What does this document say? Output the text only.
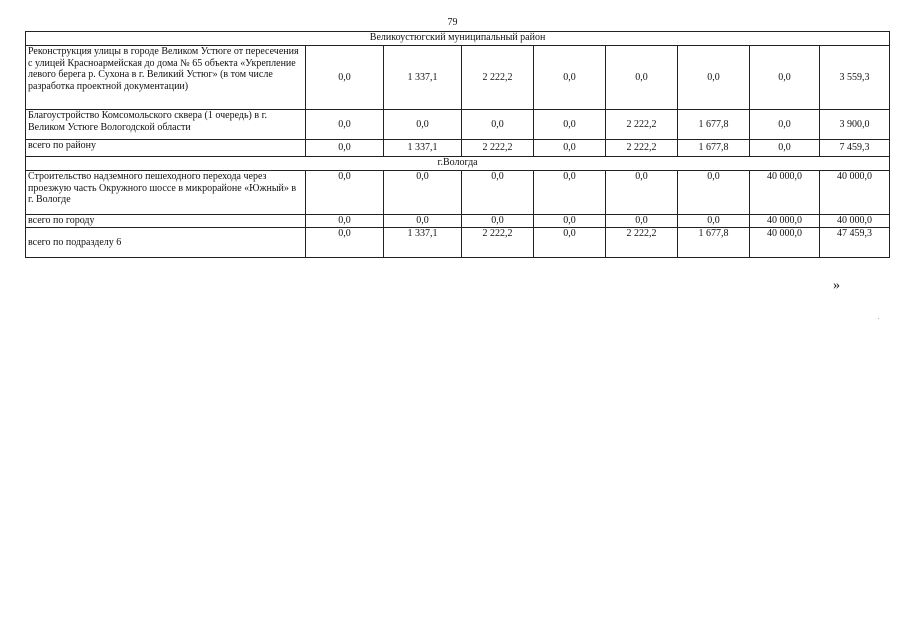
79
Великоустюгский муниципальный район								
Реконструкция улицы в городе Великом Устюге от пересечения с улицей Красноармейская до дома № 65 объекта «Укрепление левого берега р. Сухона в г. Великий Устюг» (в том числе разработка проектной документации)	0,0	1 337,1	2 222,2	0,0	0,0	0,0	0,0	3 559,3
Благоустройство Комсомольского сквера (1 очередь) в г. Великом Устюге Вологодской области	0,0	0,0	0,0	0,0	2 222,2	1 677,8	0,0	3 900,0
всего по району	0,0	1 337,1	2 222,2	0,0	2 222,2	1 677,8	0,0	7 459,3
г.Вологда								
Строительство надземного пешеходного перехода через проезжую часть Окружного шоссе в микрорайоне «Южный» в г. Вологде	0,0	0,0	0,0	0,0	0,0	0,0	40 000,0	40 000,0
всего по городу	0,0	0,0	0,0	0,0	0,0	0,0	40 000,0	40 000,0
всего по подразделу 6	0,0	1 337,1	2 222,2	0,0	2 222,2	1 677,8	40 000,0	47 459,3
»
